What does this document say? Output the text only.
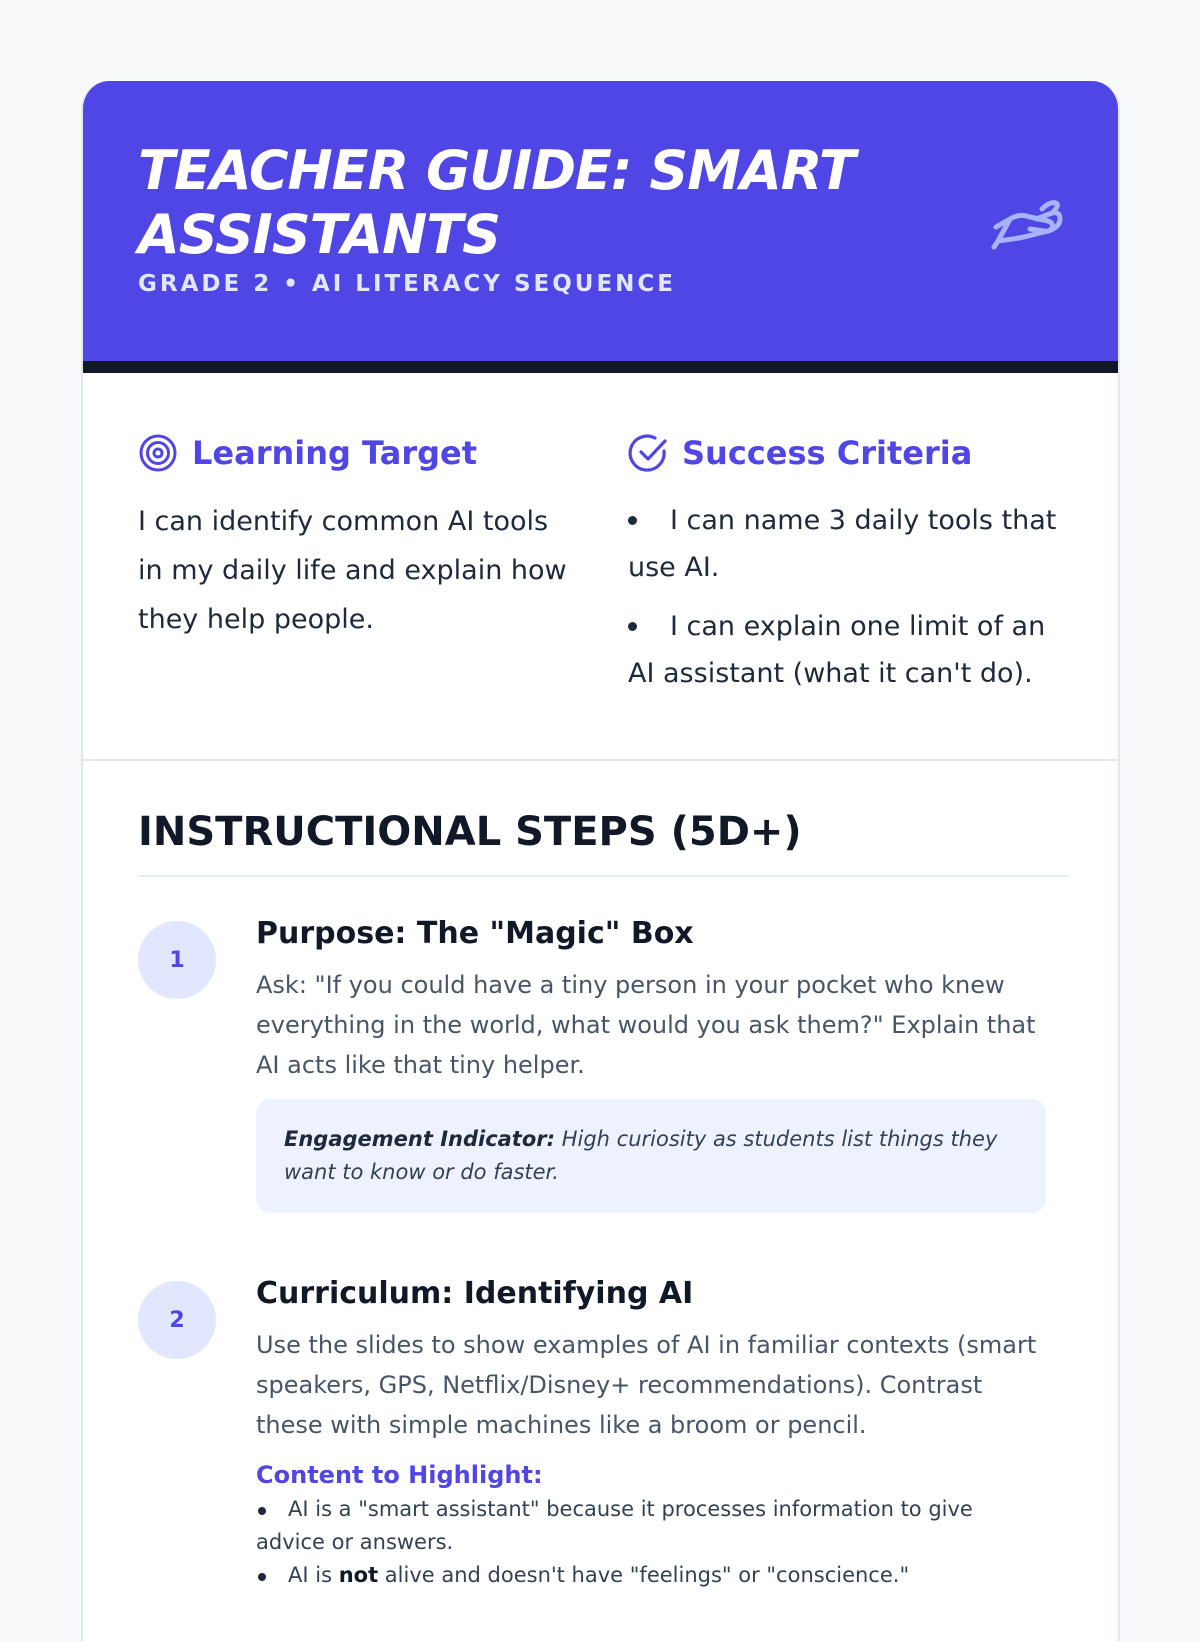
TEACHER GUIDE: SMART ASSISTANTS
GRADE 2 • AI LITERACY SEQUENCE
Learning Target

I can identify common AI tools in my daily life and explain how they help people.

Success Criteria
I can name 3 daily tools that use AI.
I can explain one limit of an AI assistant (what it can't do).
INSTRUCTIONAL STEPS (5D+)
1
Purpose: The "Magic" Box

Ask: "If you could have a tiny person in your pocket who knew everything in the world, what would you ask them?" Explain that AI acts like that tiny helper.

Engagement Indicator: High curiosity as students list things they want to know or do faster.
2
Curriculum: Identifying AI

Use the slides to show examples of AI in familiar contexts (smart speakers, GPS, Netflix/Disney+ recommendations). Contrast these with simple machines like a broom or pencil.

Content to Highlight:
AI is a "smart assistant" because it processes information to give advice or answers.
AI is not alive and doesn't have "feelings" or "conscience."
